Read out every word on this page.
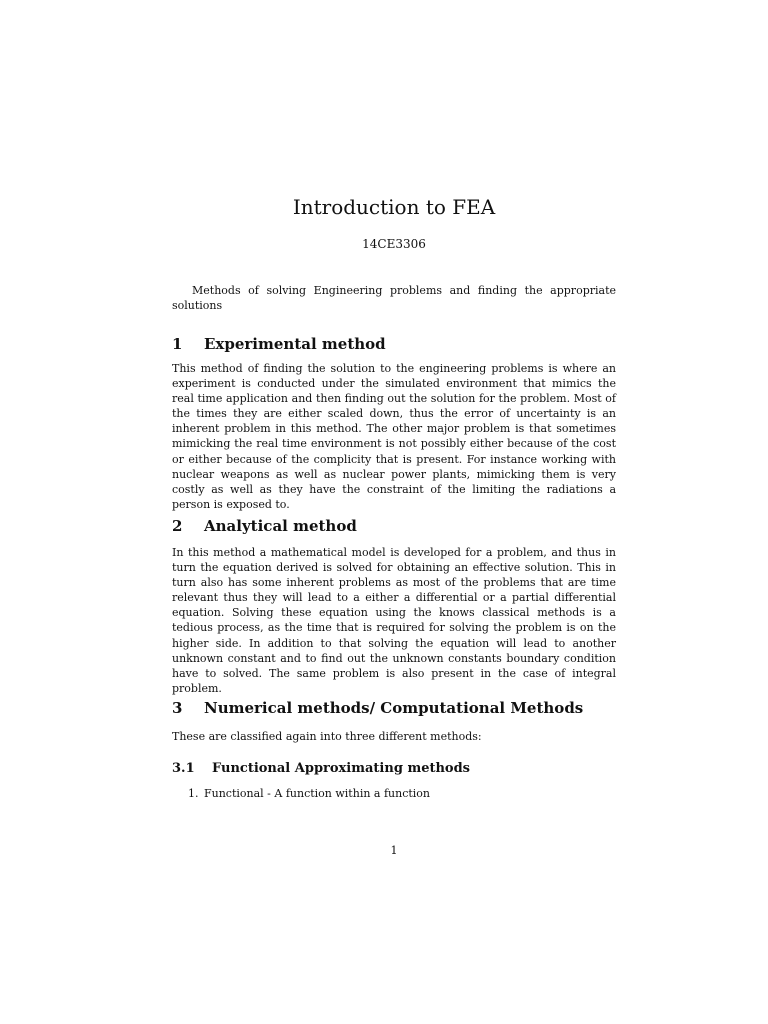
Introduction to FEA
14CE3306

Methods of solving Engineering problems and finding the appropriate solutions

1 Experimental method

This method of finding the solution to the engineering problems is where an experiment is conducted under the simulated environment that mimics the real time application and then finding out the solution for the problem. Most of the times they are either scaled down, thus the error of uncertainty is an inherent problem in this method. The other major problem is that sometimes mimicking the real time environment is not possibly either because of the cost or either because of the complicity that is present. For instance working with nuclear weapons as well as nuclear power plants, mimicking them is very costly as well as they have the constraint of the limiting the radiations a person is exposed to.

2 Analytical method

In this method a mathematical model is developed for a problem, and thus in turn the equation derived is solved for obtaining an effective solution. This in turn also has some inherent problems as most of the problems that are time relevant thus they will lead to a either a differential or a partial differential equation. Solving these equation using the knows classical methods is a tedious process, as the time that is required for solving the problem is on the higher side. In addition to that solving the equation will lead to another unknown constant and to find out the unknown constants boundary condition have to solved. The same problem is also present in the case of integral problem.

3 Numerical methods/ Computational Methods

These are classified again into three different methods:

3.1 Functional Approximating methods
1. Functional - A function within a function
1
